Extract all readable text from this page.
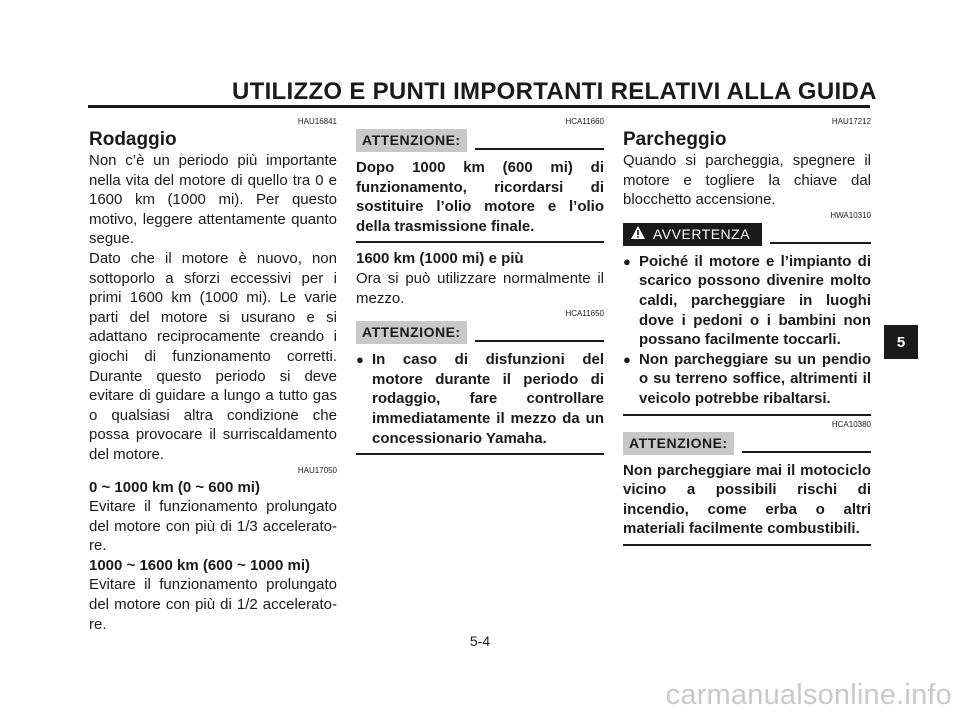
UTILIZZO E PUNTI IMPORTANTI RELATIVI ALLA GUIDA
HAU16841
Rodaggio

Non c’è un periodo più importante nella vita del motore di quello tra 0 e 1600 km (1000 mi). Per questo motivo, leggere attentamente quanto segue.

Dato che il motore è nuovo, non sottoporlo a sforzi eccessivi per i primi 1600 km (1000 mi). Le varie parti del motore si usurano e si adattano reciprocamente creando i giochi di funzionamento corretti. Durante questo periodo si deve evitare di guidare a lungo a tutto gas o qualsiasi altra condizione che possa provocare il surriscaldamento del motore.

HAU17050
0 ~ 1000 km (0 ~ 600 mi)

Evitare il funzionamento prolungato del motore con più di 1/3 accelerato-re.

1000 ~ 1600 km (600 ~ 1000 mi)

Evitare il funzionamento prolungato del motore con più di 1/2 accelerato-re.

HCA11660
ATTENZIONE:
Dopo 1000 km (600 mi) di funzionamento, ricordarsi di sostituire l’olio motore e l’olio della trasmissione finale.
1600 km (1000 mi) e più

Ora si può utilizzare normalmente il mezzo.

HCA11650
ATTENZIONE:
● In caso di disfunzioni del motore durante il periodo di rodaggio, fare controllare immediatamente il mezzo da un concessionario Yamaha.
HAU17212
Parcheggio

Quando si parcheggia, spegnere il motore e togliere la chiave dal blocchetto accensione.

HWA10310
AVVERTENZA
● Poiché il motore e l’impianto di scarico possono divenire molto caldi, parcheggiare in luoghi dove i pedoni o i bambini non possano facilmente toccarli.
● Non parcheggiare su un pendio o su terreno soffice, altrimenti il veicolo potrebbe ribaltarsi.
HCA10380
ATTENZIONE:
Non parcheggiare mai il motociclo vicino a possibili rischi di incendio, come erba o altri materiali facilmente combustibili.
5
5-4
carmanualsonline.info
